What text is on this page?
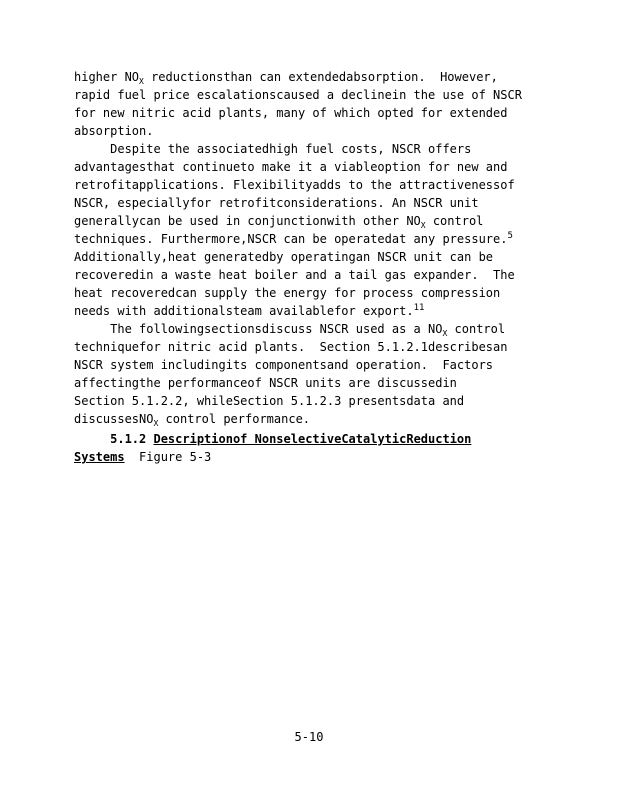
higher $NO_X$ reductionsthan can extendedabsorption.  However,
rapid fuel price escalationscaused a declinein the use of NSCR
for new nitric acid plants, many of which opted for extended
absorption.
Despite the associatedhigh fuel costs, NSCR offers
advantagesthat continueto make it a viableoption for new and
retrofitapplications. Flexibilityadds to the attractivenessof
NSCR, especiallyfor retrofitconsiderations. An NSCR unit
generallycan be used in conjunctionwith other $NO_X$ control
techniques. Furthermore,NSCR can be operatedat any pressure.$^5$
Additionally,heat generatedby operatingan NSCR unit can be
recoveredin a waste heat boiler and a tail gas expander.  The
heat recoveredcan supply the energy for process compression
needs with additionalsteam availablefor export.$^{11}$
The followingsectionsdiscuss NSCR used as a $NO_X$ control
techniquefor nitric acid plants.  Section 5.1.2.1describesan
NSCR system includingits componentsand operation.  Factors
affectingthe performanceof NSCR units are discussedin
Section 5.1.2.2, whileSection 5.1.2.3 presentsdata and
discussesNO$_X$ control performance.
5.1.2 Descriptionof NonselectiveCatalyticReduction
Systems  Figure 5-3
5-10
